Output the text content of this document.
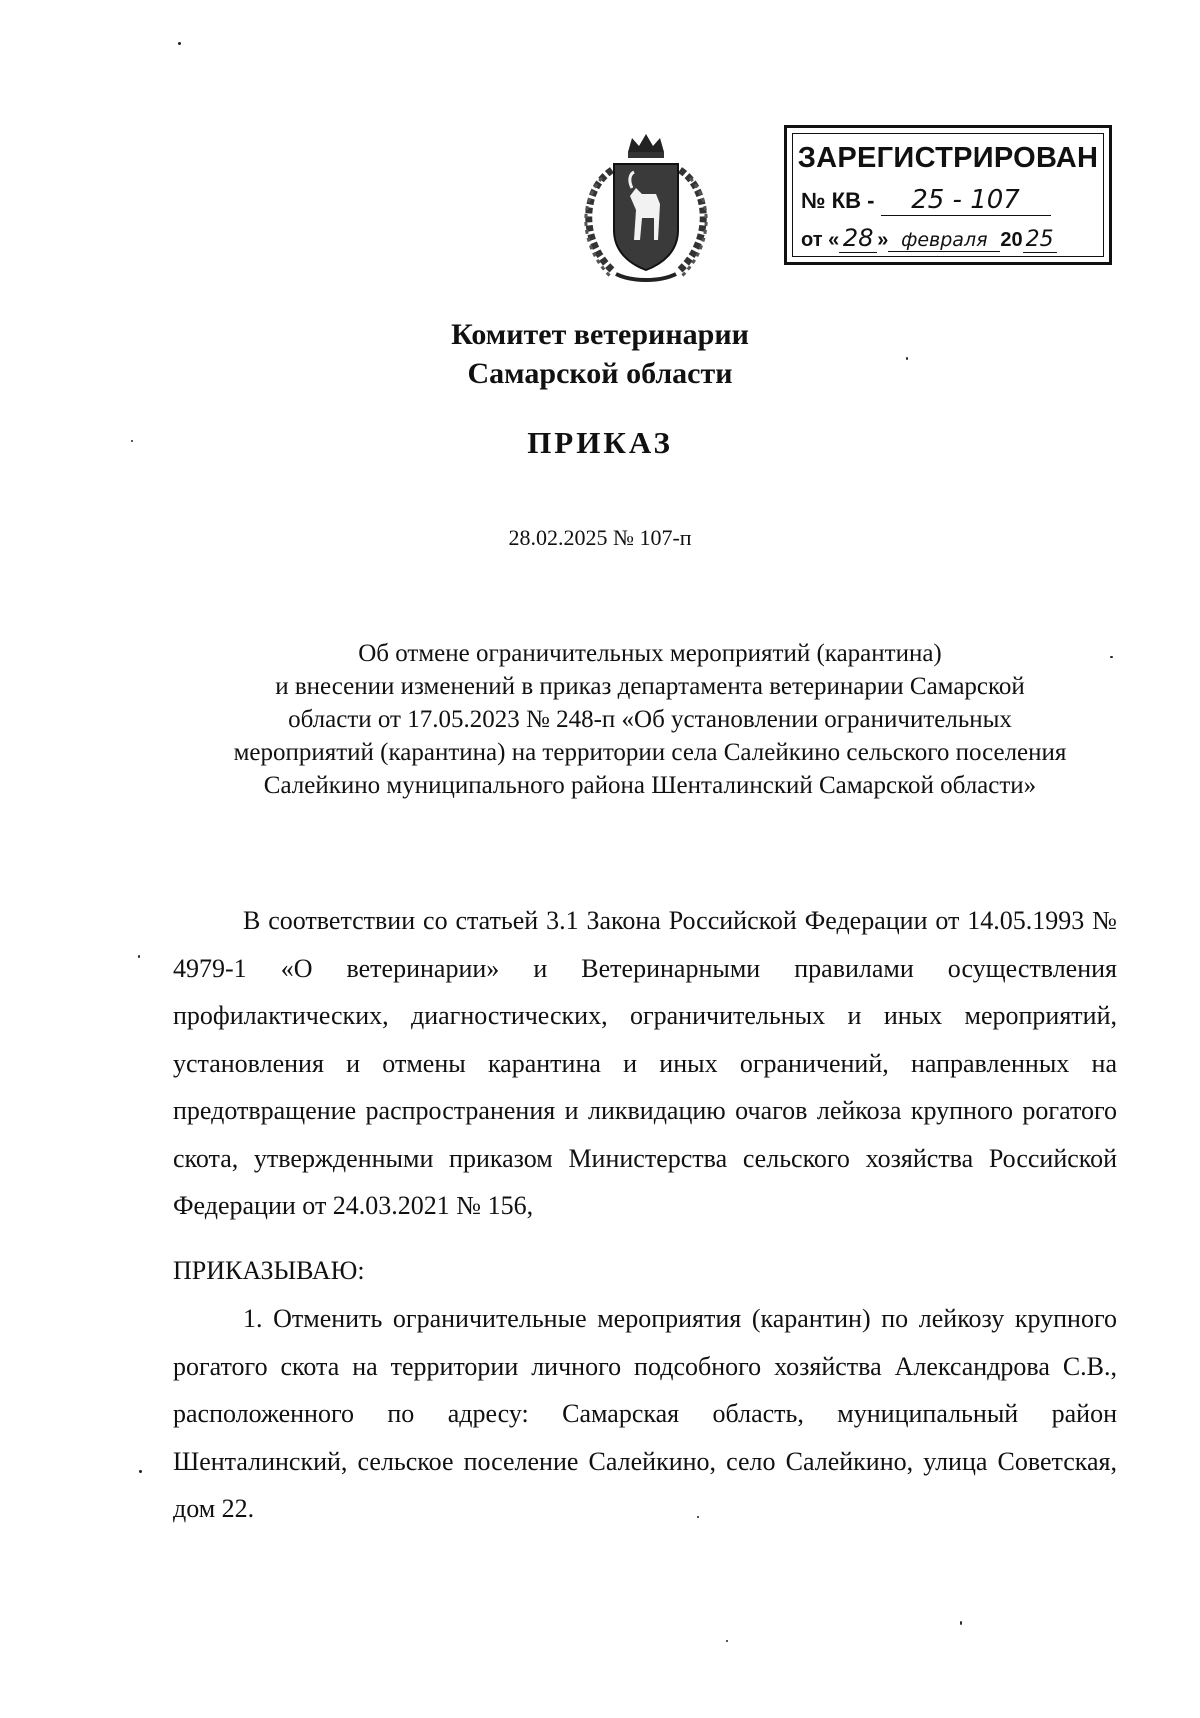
ЗАРЕГИСТРИРОВАН
№ КВ - 25 - 107
от « 28 » февраля 20 25
Комитет ветеринарии
Самарской области
ПРИКАЗ
28.02.2025 № 107-п
Об отмене ограничительных мероприятий (карантина)
и внесении изменений в приказ департамента ветеринарии Самарской
области от 17.05.2023 № 248-п «Об установлении ограничительных
мероприятий (карантина) на территории села Салейкино сельского поселения
Салейкино муниципального района Шенталинский Самарской области»
В соответствии со статьей 3.1 Закона Российской Федерации от 14.05.1993 № 4979-1 «О ветеринарии» и Ветеринарными правилами осуществления профилактических, диагностических, ограничительных и иных мероприятий, установления и отмены карантина и иных ограничений, направленных на предотвращение распространения и ликвидацию очагов лейкоза крупного рогатого скота, утвержденными приказом Министерства сельского хозяйства Российской Федерации от 24.03.2021 № 156,
ПРИКАЗЫВАЮ:
1. Отменить ограничительные мероприятия (карантин) по лейкозу крупного рогатого скота на территории личного подсобного хозяйства Александрова С.В., расположенного по адресу: Самарская область, муниципальный район Шенталинский, сельское поселение Салейкино, село Салейкино, улица Советская, дом 22.
